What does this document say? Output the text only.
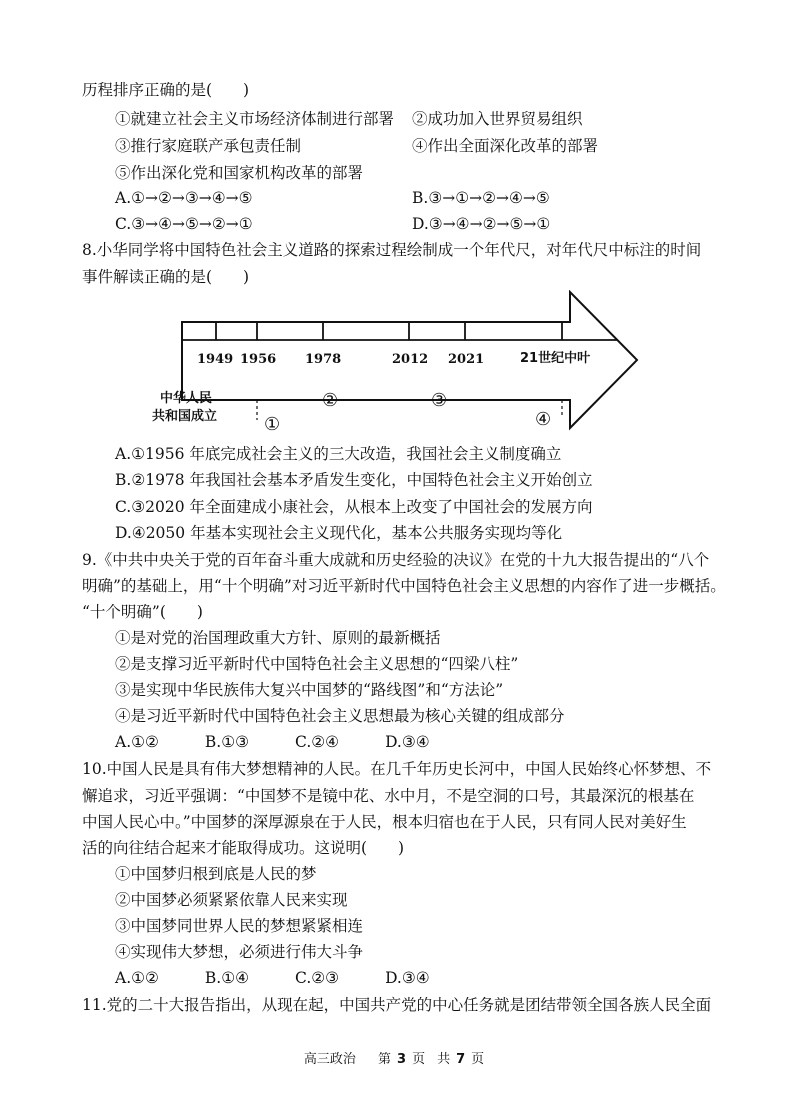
历程排序正确的是(　　)
①就建立社会主义市场经济体制进行部署 ②成功加入世界贸易组织
③推行家庭联产承包责任制	④作出全面深化改革的部署
⑤作出深化党和国家机构改革的部署
A.①→②→③→④→⑤	B.③→①→②→④→⑤
C.③→④→⑤→②→①	D.③→④→②→⑤→①
8.小华同学将中国特色社会主义道路的探索过程绘制成一个年代尺，对年代尺中标注的时间
事件解读正确的是(　　)
1949 1956 1978	2012 2021	21世纪中叶
中华人民
共和国成立	①
②	③
④
A.①1956 年底完成社会主义的三大改造，我国社会主义制度确立
B.②1978 年我国社会基本矛盾发生变化，中国特色社会主义开始创立
C.③2020 年全面建成小康社会，从根本上改变了中国社会的发展方向
D.④2050 年基本实现社会主义现代化，基本公共服务实现均等化
9.《中共中央关于党的百年奋斗重大成就和历史经验的决议》在党的十九大报告提出的“八个
明确”的基础上，用“十个明确”对习近平新时代中国特色社会主义思想的内容作了进一步概括。
“十个明确”(　　)
①是对党的治国理政重大方针、原则的最新概括
②是支撑习近平新时代中国特色社会主义思想的“四梁八柱”
③是实现中华民族伟大复兴中国梦的“路线图”和“方法论”
④是习近平新时代中国特色社会主义思想最为核心关键的组成部分
A.①②	B.①③	C.②④	D.③④
10.中国人民是具有伟大梦想精神的人民。在几千年历史长河中，中国人民始终心怀梦想、不
懈追求，习近平强调：“中国梦不是镜中花、水中月，不是空洞的口号，其最深沉的根基在
中国人民心中。”中国梦的深厚源泉在于人民，根本归宿也在于人民，只有同人民对美好生
活的向往结合起来才能取得成功。这说明(　　)
①中国梦归根到底是人民的梦
②中国梦必须紧紧依靠人民来实现
③中国梦同世界人民的梦想紧紧相连
④实现伟大梦想，必须进行伟大斗争
A.①②	B.①④	C.②③	D.③④
11.党的二十大报告指出，从现在起，中国共产党的中心任务就是团结带领全国各族人民全面
高三政治 第 3 页 共 7 页
